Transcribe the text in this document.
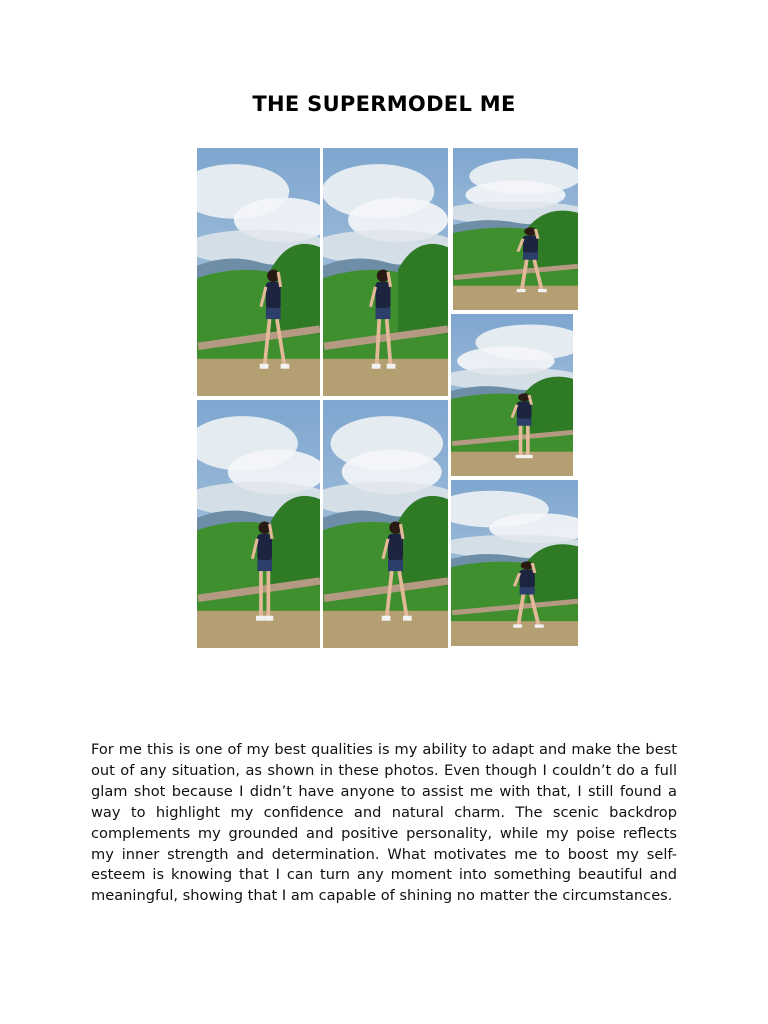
THE SUPERMODEL ME

For me this is one of my best qualities is my ability to adapt and make the best out of any situation, as shown in these photos. Even though I couldn’t do a full glam shot because I didn’t have anyone to assist me with that, I still found a way to highlight my confidence and natural charm. The scenic backdrop complements my grounded and positive personality, while my poise reflects my inner strength and determination. What motivates me to boost my self-esteem is knowing that I can turn any moment into something beautiful and meaningful, showing that I am capable of shining no matter the circumstances.
